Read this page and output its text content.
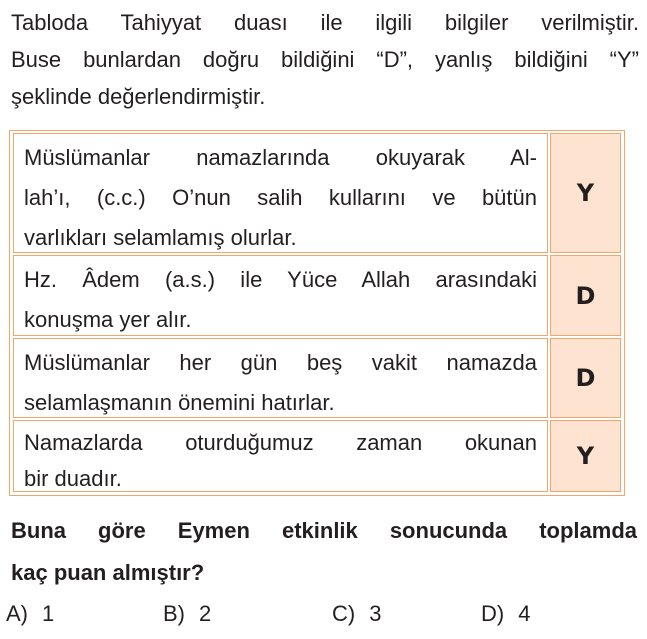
Tabloda Tahiyyat duası ile ilgili bilgiler verilmiştir.
Buse bunlardan doğru bildiğini “D”, yanlış bildiğini “Y”
şeklinde değerlendirmiştir.
Müslümanlar namazlarında okuyarak Al-
lah’ı, (c.c.) O’nun salih kullarını ve bütün
varlıkları selamlamış olurlar.
Y
Hz. Âdem (a.s.) ile Yüce Allah arasındaki
konuşma yer alır.
D
Müslümanlar her gün beş vakit namazda
selamlaşmanın önemini hatırlar.
D
Namazlarda oturduğumuz zaman okunan
bir duadır.
Y
Buna göre Eymen etkinlik sonucunda toplamda
kaç puan almıştır?
A) 1	B) 2	C) 3	D) 4
